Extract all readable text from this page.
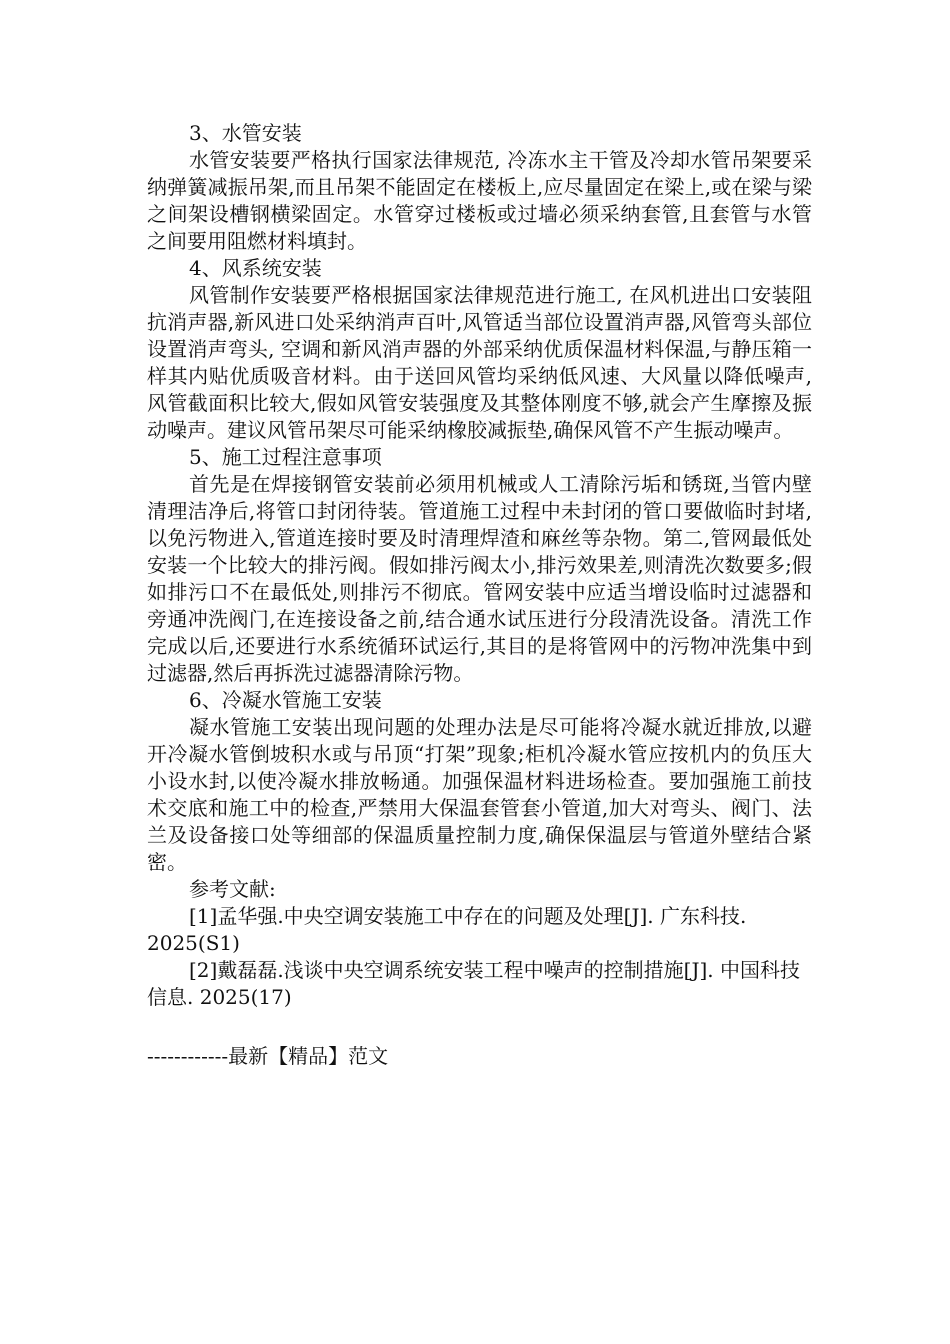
3、水管安装

水管安装要严格执行国家法律规范, 冷冻水主干管及冷却水管吊架要采纳弹簧减振吊架,而且吊架不能固定在楼板上,应尽量固定在梁上,或在梁与梁之间架设槽钢横梁固定。水管穿过楼板或过墙必须采纳套管,且套管与水管之间要用阻燃材料填封。

4、风系统安装

风管制作安装要严格根据国家法律规范进行施工, 在风机进出口安装阻抗消声器,新风进口处采纳消声百叶,风管适当部位设置消声器,风管弯头部位设置消声弯头, 空调和新风消声器的外部采纳优质保温材料保温,与静压箱一样其内贴优质吸音材料。由于送回风管均采纳低风速、大风量以降低噪声,风管截面积比较大,假如风管安装强度及其整体刚度不够,就会产生摩擦及振动噪声。建议风管吊架尽可能采纳橡胶减振垫,确保风管不产生振动噪声。

5、施工过程注意事项

首先是在焊接钢管安装前必须用机械或人工清除污垢和锈斑,当管内壁清理洁净后,将管口封闭待装。管道施工过程中未封闭的管口要做临时封堵,以免污物进入,管道连接时要及时清理焊渣和麻丝等杂物。第二,管网最低处安装一个比较大的排污阀。假如排污阀太小,排污效果差,则清洗次数要多;假如排污口不在最低处,则排污不彻底。管网安装中应适当增设临时过滤器和旁通冲洗阀门,在连接设备之前,结合通水试压进行分段清洗设备。清洗工作完成以后,还要进行水系统循环试运行,其目的是将管网中的污物冲洗集中到过滤器,然后再拆洗过滤器清除污物。

6、冷凝水管施工安装

凝水管施工安装出现问题的处理办法是尽可能将冷凝水就近排放,以避开冷凝水管倒坡积水或与吊顶“打架”现象;柜机冷凝水管应按机内的负压大小设水封,以使冷凝水排放畅通。加强保温材料进场检查。要加强施工前技术交底和施工中的检查,严禁用大保温套管套小管道,加大对弯头、阀门、法兰及设备接口处等细部的保温质量控制力度,确保保温层与管道外壁结合紧密。

参考文献:

[1]孟华强.中央空调安装施工中存在的问题及处理[J]. 广东科技. 2025(S1)

[2]戴磊磊.浅谈中央空调系统安装工程中噪声的控制措施[J]. 中国科技信息. 2025(17)

------------最新【精品】范文
